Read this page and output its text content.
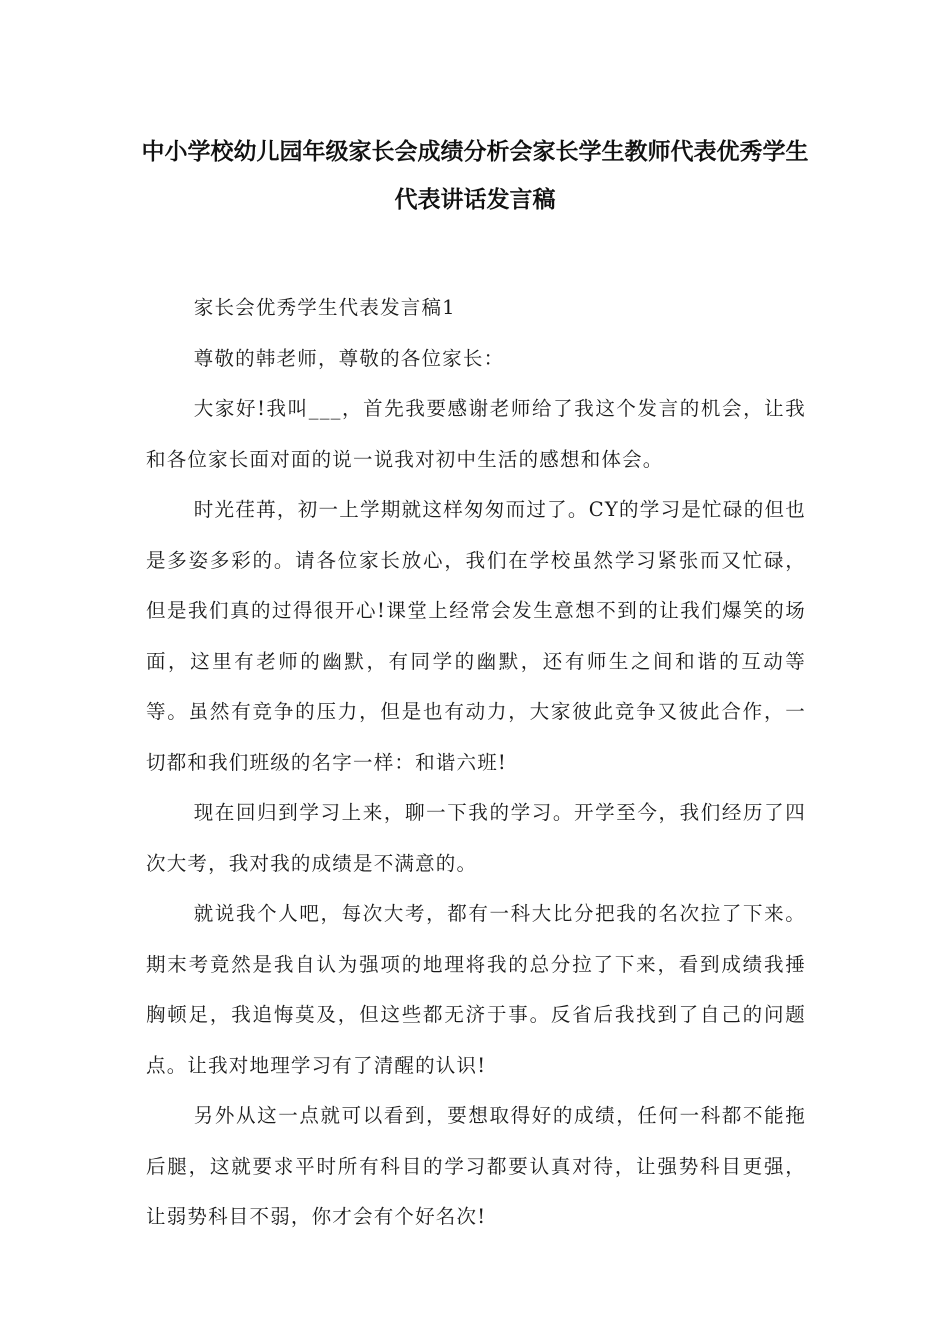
中小学校幼儿园年级家长会成绩分析会家长学生教师代表优秀学生
代表讲话发言稿

家长会优秀学生代表发言稿1

尊敬的韩老师，尊敬的各位家长：

大家好!我叫___，首先我要感谢老师给了我这个发言的机会，让我和各位家长面对面的说一说我对初中生活的感想和体会。

时光荏苒，初一上学期就这样匆匆而过了。CY的学习是忙碌的但也是多姿多彩的。请各位家长放心，我们在学校虽然学习紧张而又忙碌，但是我们真的过得很开心!课堂上经常会发生意想不到的让我们爆笑的场面，这里有老师的幽默，有同学的幽默，还有师生之间和谐的互动等等。虽然有竞争的压力，但是也有动力，大家彼此竞争又彼此合作，一切都和我们班级的名字一样：和谐六班!

现在回归到学习上来，聊一下我的学习。开学至今，我们经历了四次大考，我对我的成绩是不满意的。

就说我个人吧，每次大考，都有一科大比分把我的名次拉了下来。期末考竟然是我自认为强项的地理将我的总分拉了下来，看到成绩我捶胸顿足，我追悔莫及，但这些都无济于事。反省后我找到了自己的问题点。让我对地理学习有了清醒的认识!

另外从这一点就可以看到，要想取得好的成绩，任何一科都不能拖后腿，这就要求平时所有科目的学习都要认真对待，让强势科目更强，让弱势科目不弱，你才会有个好名次!
